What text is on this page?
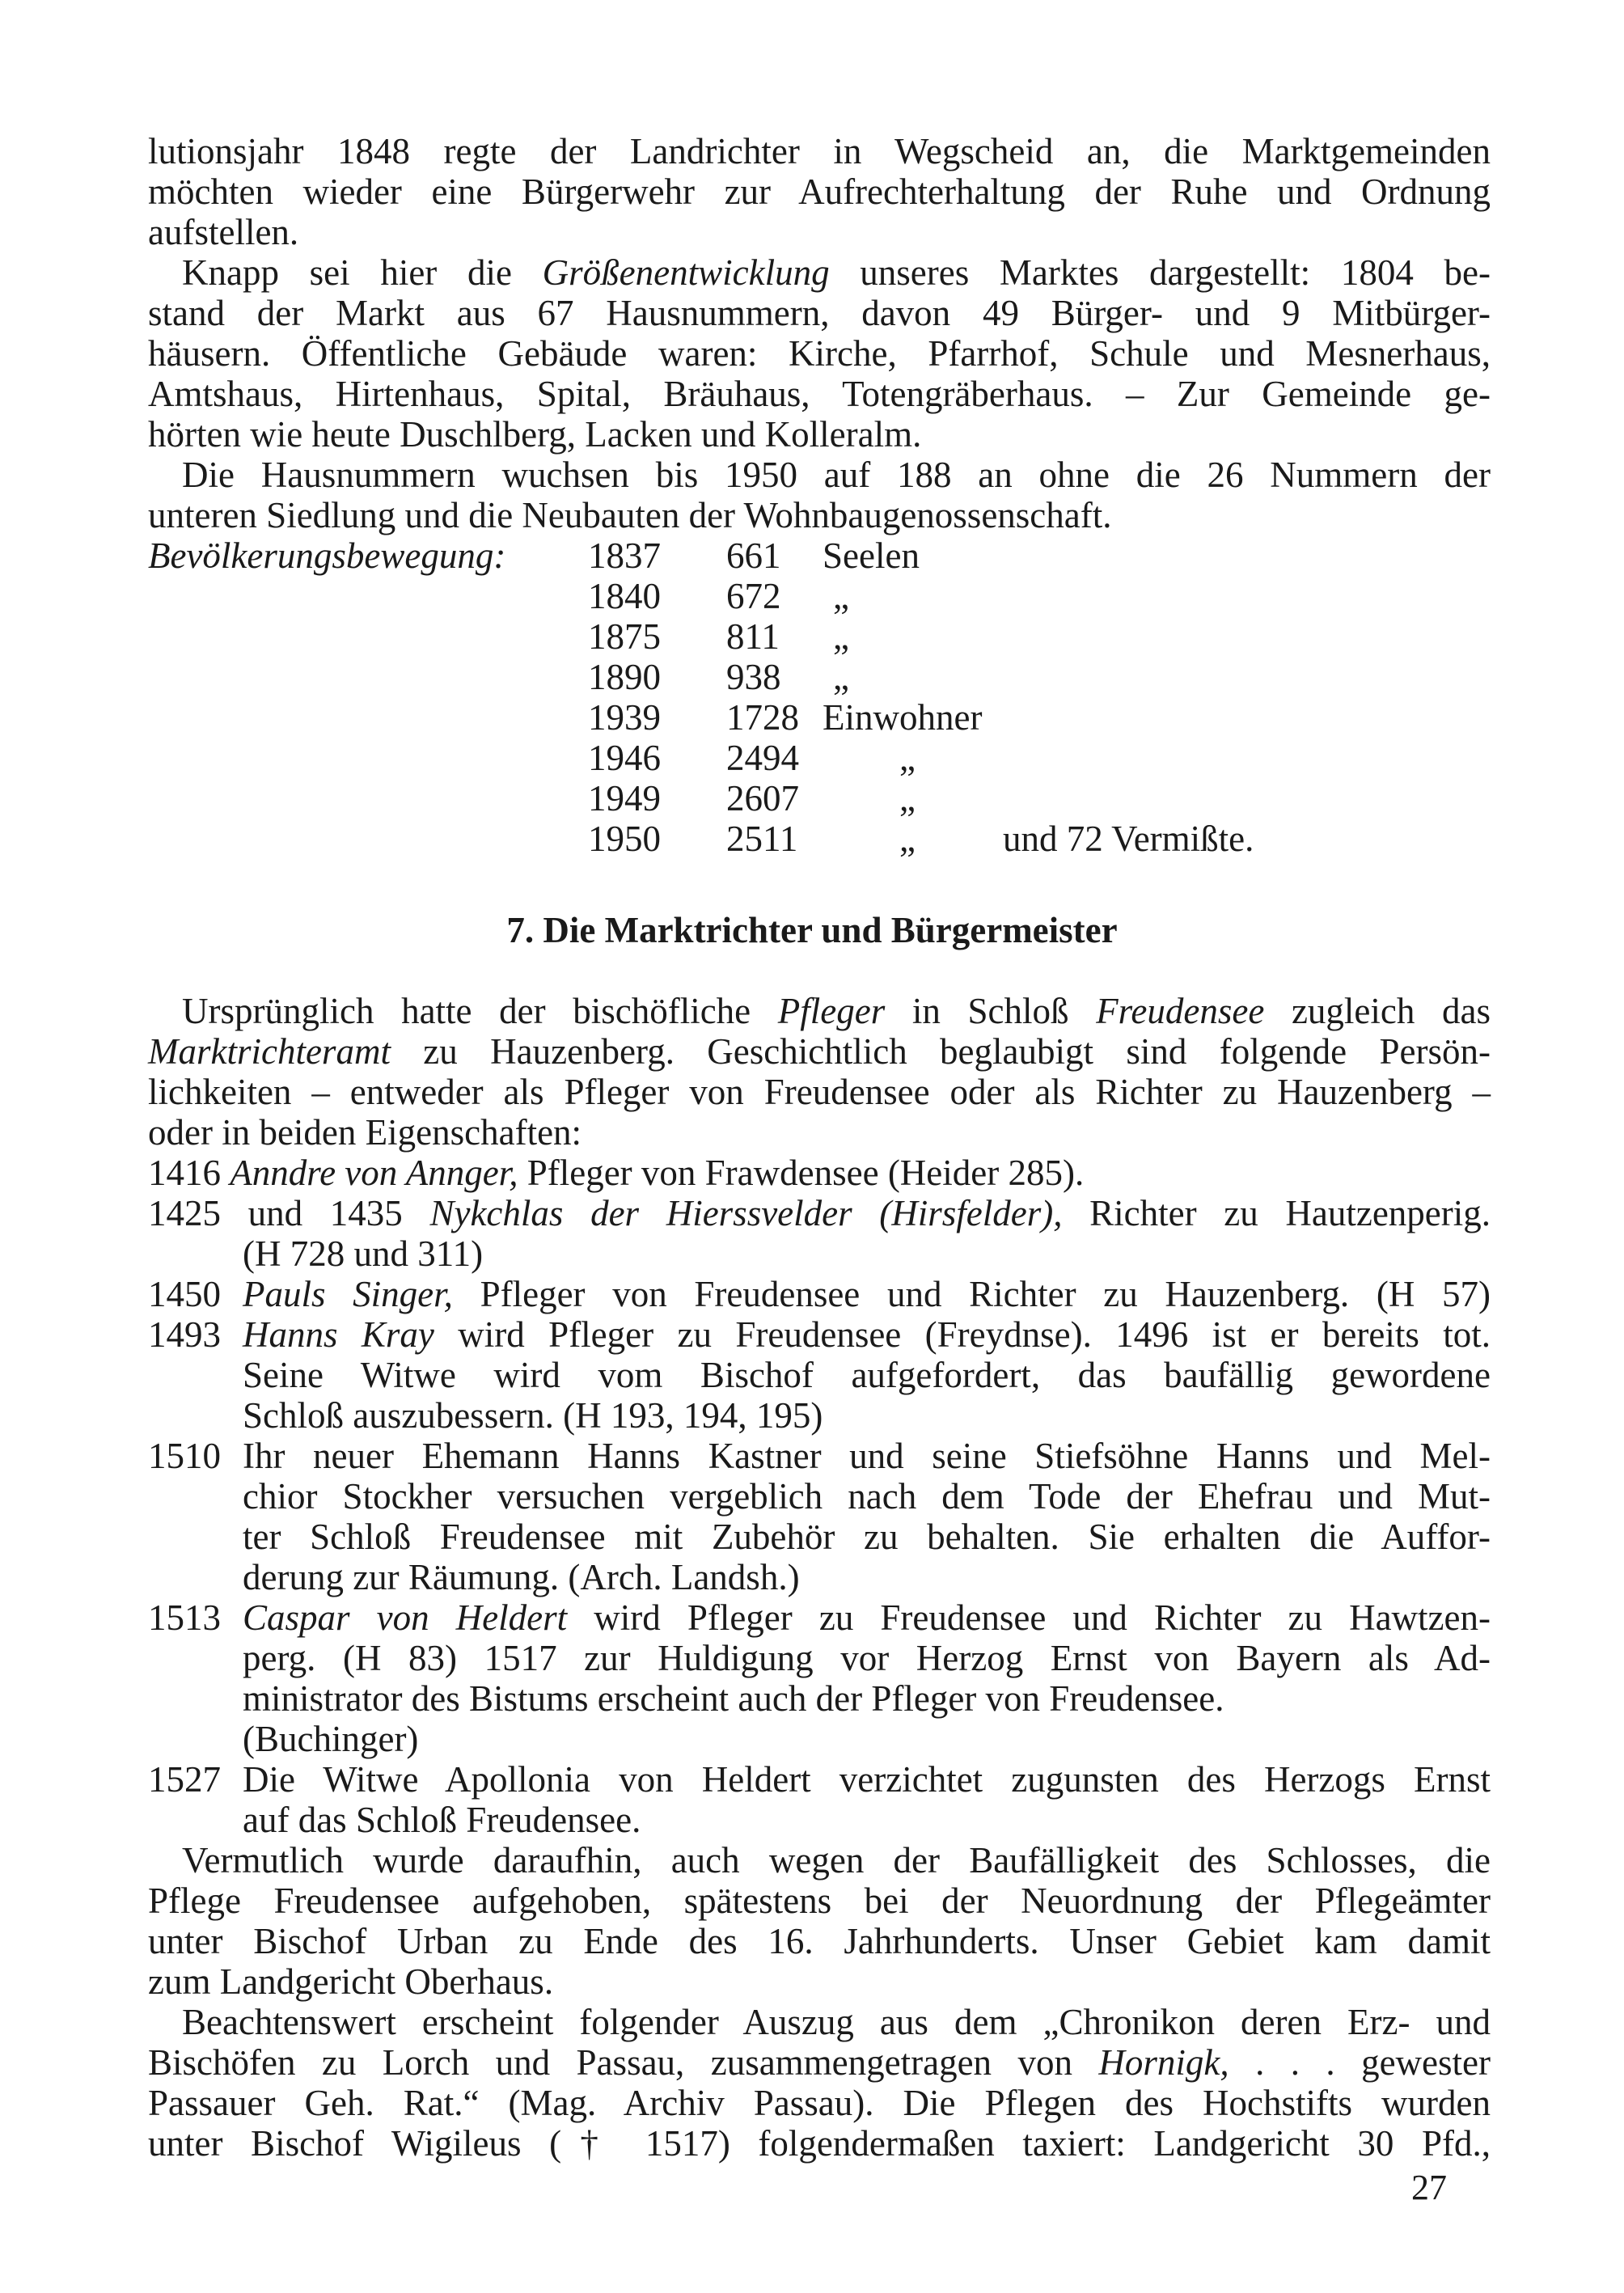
lutionsjahr 1848 regte der Landrichter in Wegscheid an, die Marktgemeinden
möchten wieder eine Bürgerwehr zur Aufrechterhaltung der Ruhe und Ordnung
aufstellen.
Knapp sei hier die Größenentwicklung unseres Marktes dargestellt: 1804 be-
stand der Markt aus 67 Hausnummern, davon 49 Bürger- und 9 Mitbürger-
häusern. Öffentliche Gebäude waren: Kirche, Pfarrhof, Schule und Mesnerhaus,
Amtshaus, Hirtenhaus, Spital, Bräuhaus, Totengräberhaus. – Zur Gemeinde ge-
hörten wie heute Duschlberg, Lacken und Kolleralm.
Die Hausnummern wuchsen bis 1950 auf 188 an ohne die 26 Nummern der
unteren Siedlung und die Neubauten der Wohnbaugenossenschaft.
Bevölkerungsbewegung: 1837 661 Seelen
1840 672 „
1875 811 „
1890 938 „
1939 1728 Einwohner
1946 2494	„
1949 2607	„
1950 2511	„ und 72 Vermißte.
7. Die Marktrichter und Bürgermeister
Ursprünglich hatte der bischöfliche Pfleger in Schloß Freudensee zugleich das
Marktrichteramt zu Hauzenberg. Geschichtlich beglaubigt sind folgende Persön-
lichkeiten – entweder als Pfleger von Freudensee oder als Richter zu Hauzenberg –
oder in beiden Eigenschaften:
1416 Anndre von Annger, Pfleger von Frawdensee (Heider 285).
1425 und 1435 Nykchlas der Hierssvelder (Hirsfelder), Richter zu Hautzenperig.
(H 728 und 311)
1450 Pauls Singer, Pfleger von Freudensee und Richter zu Hauzenberg. (H 57)
1493 Hanns Kray wird Pfleger zu Freudensee (Freydnse). 1496 ist er bereits tot.
Seine Witwe wird vom Bischof aufgefordert, das baufällig gewordene
Schloß auszubessern. (H 193, 194, 195)
1510 Ihr neuer Ehemann Hanns Kastner und seine Stiefsöhne Hanns und Mel-
chior Stockher versuchen vergeblich nach dem Tode der Ehefrau und Mut-
ter Schloß Freudensee mit Zubehör zu behalten. Sie erhalten die Auffor-
derung zur Räumung. (Arch. Landsh.)
1513 Caspar von Heldert wird Pfleger zu Freudensee und Richter zu Hawtzen-
perg. (H 83) 1517 zur Huldigung vor Herzog Ernst von Bayern als Ad-
ministrator des Bistums erscheint auch der Pfleger von Freudensee.
(Buchinger)
1527 Die Witwe Apollonia von Heldert verzichtet zugunsten des Herzogs Ernst
auf das Schloß Freudensee.
Vermutlich wurde daraufhin, auch wegen der Baufälligkeit des Schlosses, die
Pflege Freudensee aufgehoben, spätestens bei der Neuordnung der Pflegeämter
unter Bischof Urban zu Ende des 16. Jahrhunderts. Unser Gebiet kam damit
zum Landgericht Oberhaus.
Beachtenswert erscheint folgender Auszug aus dem „Chronikon deren Erz- und
Bischöfen zu Lorch und Passau, zusammengetragen von Hornigk, . . . gewester
Passauer Geh. Rat.“ (Mag. Archiv Passau). Die Pflegen des Hochstifts wurden
unter Bischof Wigileus († 1517) folgendermaßen taxiert: Landgericht 30 Pfd.,
27
